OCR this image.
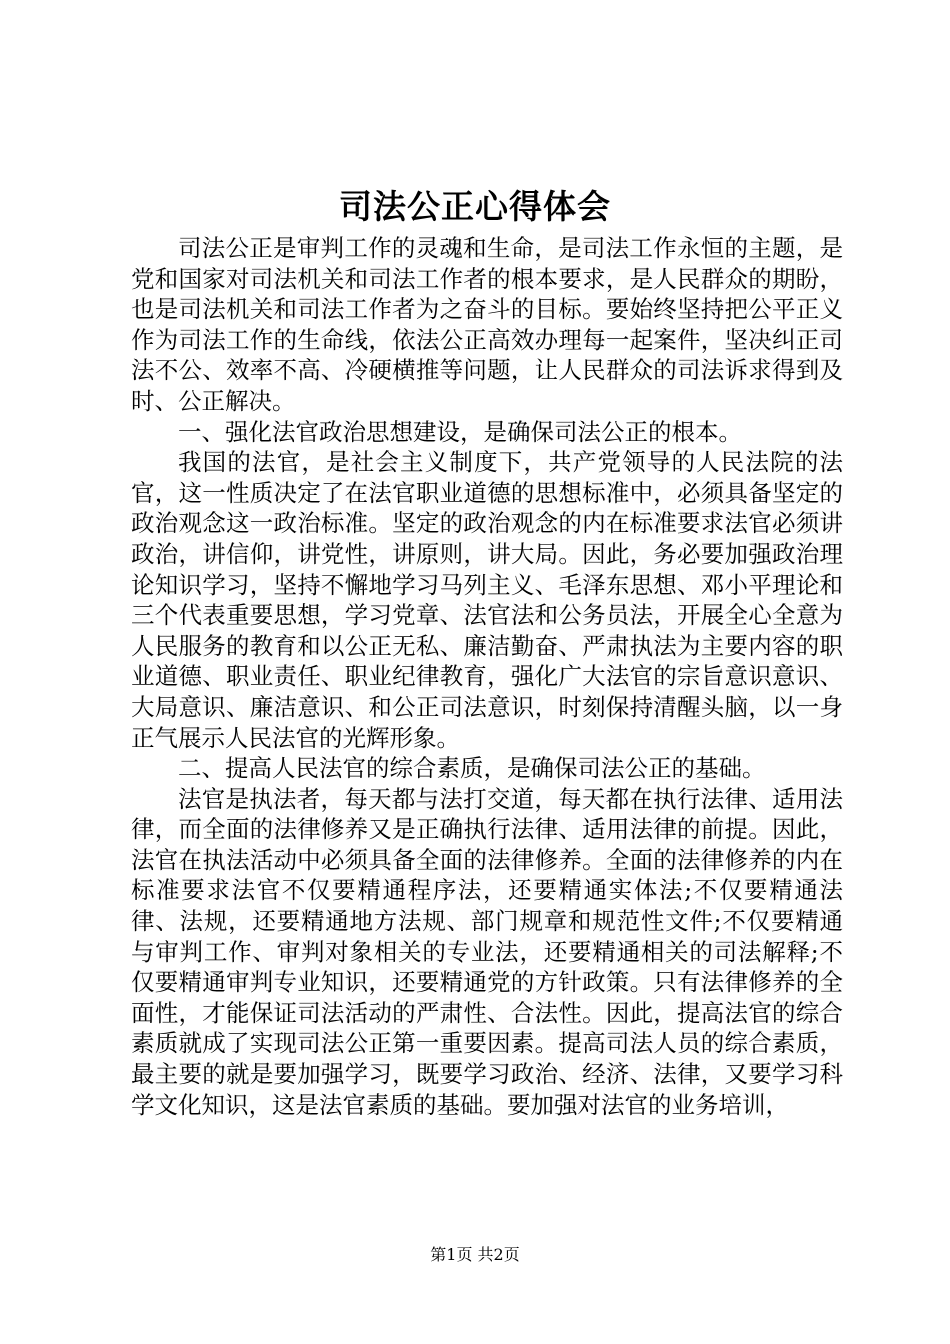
司法公正心得体会

司法公正是审判工作的灵魂和生命，是司法工作永恒的主题，是党和国家对司法机关和司法工作者的根本要求，是人民群众的期盼，也是司法机关和司法工作者为之奋斗的目标。要始终坚持把公平正义作为司法工作的生命线，依法公正高效办理每一起案件，坚决纠正司法不公、效率不高、冷硬横推等问题，让人民群众的司法诉求得到及时、公正解决。

一、强化法官政治思想建设，是确保司法公正的根本。

我国的法官，是社会主义制度下，共产党领导的人民法院的法官，这一性质决定了在法官职业道德的思想标准中，必须具备坚定的政治观念这一政治标准。坚定的政治观念的内在标准要求法官必须讲政治，讲信仰，讲党性，讲原则，讲大局。因此，务必要加强政治理论知识学习，坚持不懈地学习马列主义、毛泽东思想、邓小平理论和三个代表重要思想，学习党章、法官法和公务员法，开展全心全意为人民服务的教育和以公正无私、廉洁勤奋、严肃执法为主要内容的职业道德、职业责任、职业纪律教育，强化广大法官的宗旨意识意识、大局意识、廉洁意识、和公正司法意识，时刻保持清醒头脑，以一身正气展示人民法官的光辉形象。

二、提高人民法官的综合素质，是确保司法公正的基础。

法官是执法者，每天都与法打交道，每天都在执行法律、适用法律，而全面的法律修养又是正确执行法律、适用法律的前提。因此，法官在执法活动中必须具备全面的法律修养。全面的法律修养的内在标准要求法官不仅要精通程序法，还要精通实体法;不仅要精通法律、法规，还要精通地方法规、部门规章和规范性文件;不仅要精通与审判工作、审判对象相关的专业法，还要精通相关的司法解释;不仅要精通审判专业知识，还要精通党的方针政策。只有法律修养的全面性，才能保证司法活动的严肃性、合法性。因此，提高法官的综合素质就成了实现司法公正第一重要因素。提高司法人员的综合素质，最主要的就是要加强学习，既要学习政治、经济、法律，又要学习科学文化知识，这是法官素质的基础。要加强对法官的业务培训，

第1页 共2页
